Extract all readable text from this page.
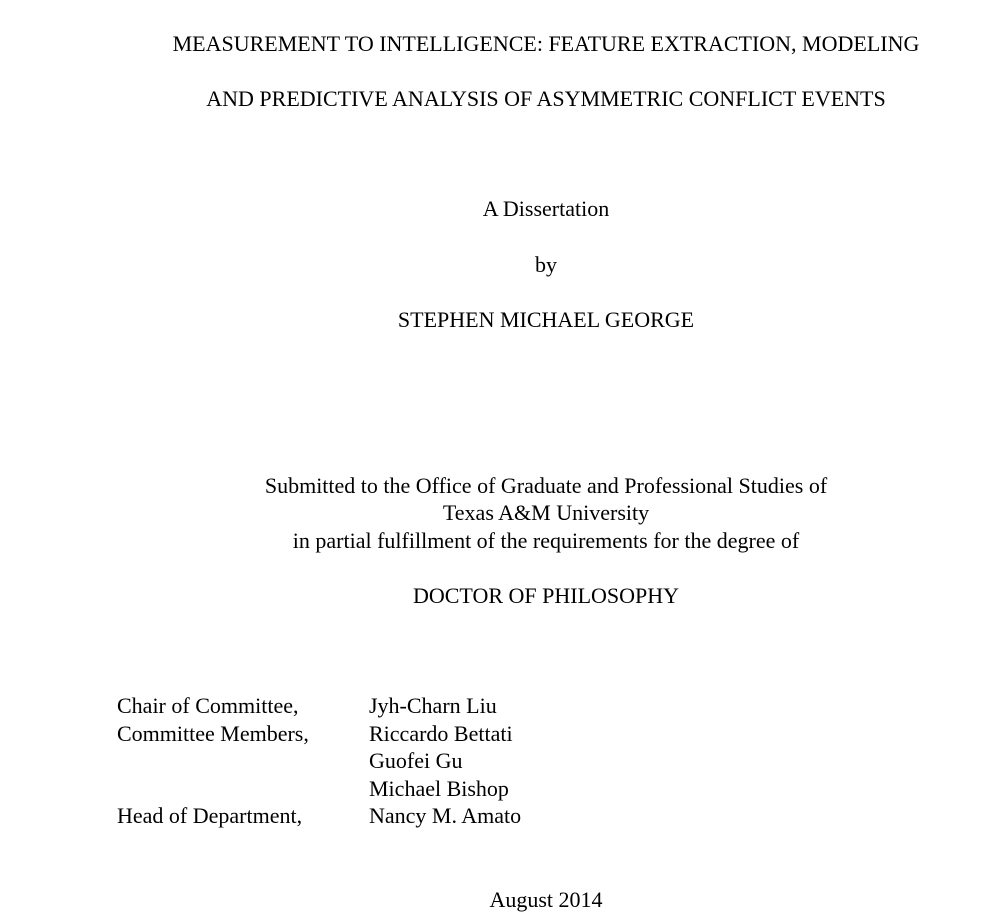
MEASUREMENT TO INTELLIGENCE: FEATURE EXTRACTION, MODELING
AND PREDICTIVE ANALYSIS OF ASYMMETRIC CONFLICT EVENTS
A Dissertation
by
STEPHEN MICHAEL GEORGE
Submitted to the Office of Graduate and Professional Studies of
Texas A&M University
in partial fulfillment of the requirements for the degree of
DOCTOR OF PHILOSOPHY
Chair of Committee,	Jyh-Charn Liu
Committee Members,	Riccardo Bettati
Guofei Gu
Michael Bishop
Head of Department,	Nancy M. Amato
August 2014
